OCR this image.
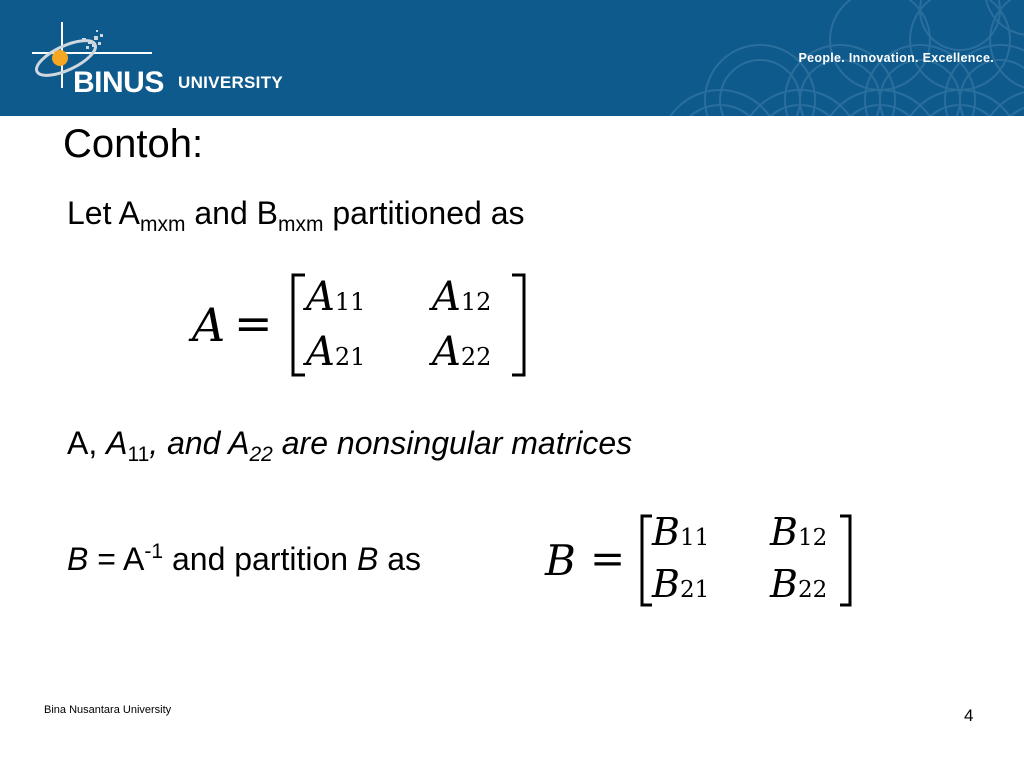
BINUS UNIVERSITY
People. Innovation. Excellence.
Contoh:
Let $A_{mxm}$ and $B_{mxm}$ partitioned as
A = A11 A12
A21 A22
A, $A_{11}$, and $A_{22}$ are nonsingular matrices
$B = A^{-1}$ and partition B as	B =
B11 B12
B21 B22
Bina Nusantara University	4
